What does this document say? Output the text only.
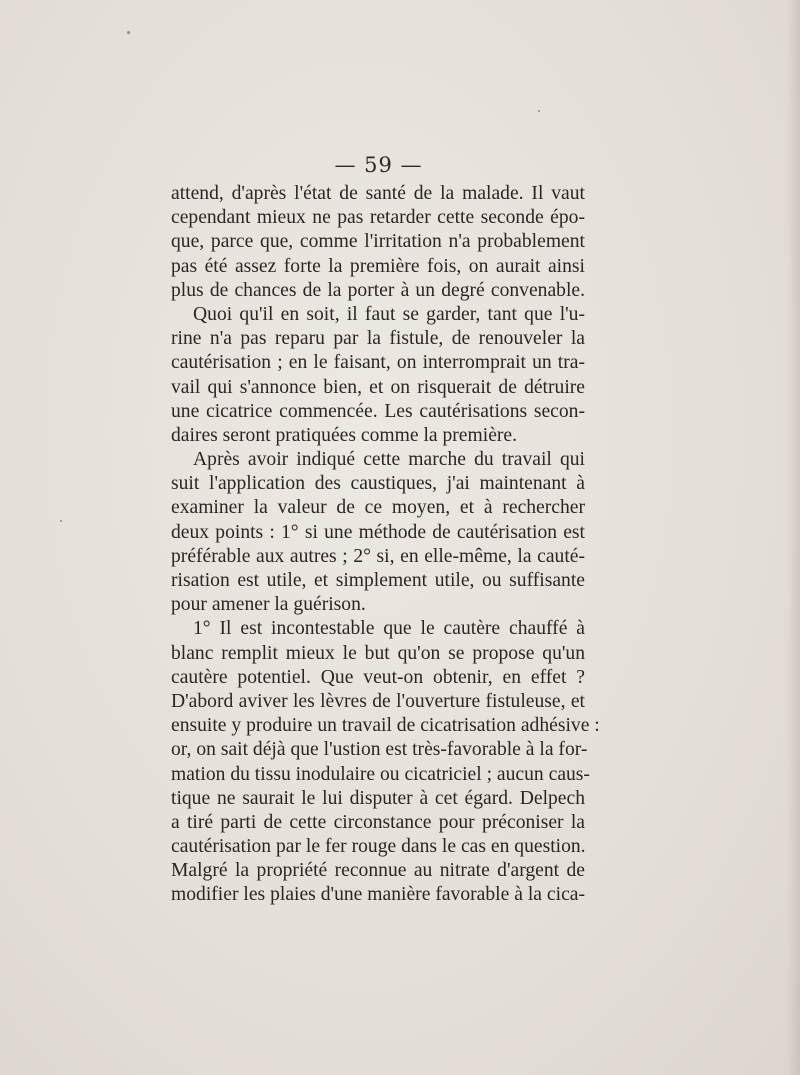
— 59 —
attend, d'après l'état de santé de la malade. Il vaut
cependant mieux ne pas retarder cette seconde épo-
que, parce que, comme l'irritation n'a probablement
pas été assez forte la première fois, on aurait ainsi
plus de chances de la porter à un degré convenable.
Quoi qu'il en soit, il faut se garder, tant que l'u-
rine n'a pas reparu par la fistule, de renouveler la
cautérisation ; en le faisant, on interromprait un tra-
vail qui s'annonce bien, et on risquerait de détruire
une cicatrice commencée. Les cautérisations secon-
daires seront pratiquées comme la première.
Après avoir indiqué cette marche du travail qui
suit l'application des caustiques, j'ai maintenant à
examiner la valeur de ce moyen, et à rechercher
deux points : 1° si une méthode de cautérisation est
préférable aux autres ; 2° si, en elle-même, la cauté-
risation est utile, et simplement utile, ou suffisante
pour amener la guérison.
1° Il est incontestable que le cautère chauffé à
blanc remplit mieux le but qu'on se propose qu'un
cautère potentiel. Que veut-on obtenir, en effet ?
D'abord aviver les lèvres de l'ouverture fistuleuse, et
ensuite y produire un travail de cicatrisation adhésive :
or, on sait déjà que l'ustion est très-favorable à la for-
mation du tissu inodulaire ou cicatriciel ; aucun caus-
tique ne saurait le lui disputer à cet égard. Delpech
a tiré parti de cette circonstance pour préconiser la
cautérisation par le fer rouge dans le cas en question.
Malgré la propriété reconnue au nitrate d'argent de
modifier les plaies d'une manière favorable à la cica-
